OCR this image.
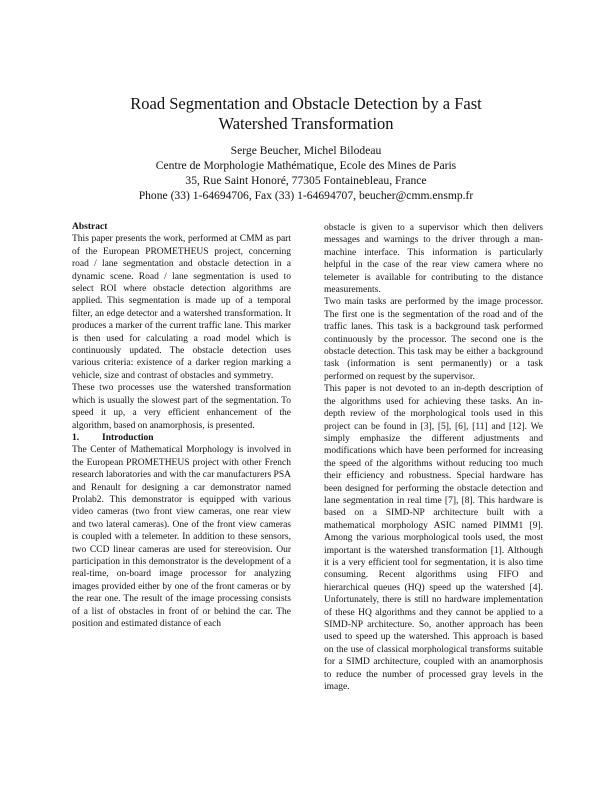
Road Segmentation and Obstacle Detection by a Fast
Watershed Transformation
Serge Beucher, Michel Bilodeau
Centre de Morphologie Mathématique, Ecole des Mines de Paris
35, Rue Saint Honoré, 77305 Fontainebleau, France
Phone (33) 1-64694706, Fax (33) 1-64694707, beucher@cmm.ensmp.fr

Abstract

This paper presents the work, performed at CMM as part of the European PROMETHEUS project, concerning road / lane segmentation and obstacle detection in a dynamic scene. Road / lane segmentation is used to select ROI where obstacle detection algorithms are applied. This segmentation is made up of a temporal filter, an edge detector and a watershed transformation. It produces a marker of the current traffic lane. This marker is then used for calculating a road model which is continuously updated. The obstacle detection uses various criteria: existence of a darker region marking a vehicle, size and contrast of obstacles and symmetry.

These two processes use the watershed transformation which is usually the slowest part of the segmentation. To speed it up, a very efficient enhancement of the algorithm, based on anamorphosis, is presented.

1. Introduction

The Center of Mathematical Morphology is involved in the European PROMETHEUS project with other French research laboratories and with the car manufacturers PSA and Renault for designing a car demonstrator named Prolab2. This demonstrator is equipped with various video cameras (two front view cameras, one rear view and two lateral cameras). One of the front view cameras is coupled with a telemeter. In addition to these sensors, two CCD linear cameras are used for stereovision. Our participation in this demonstrator is the development of a real-time, on-board image processor for analyzing images provided either by one of the front cameras or by the rear one. The result of the image processing consists of a list of obstacles in front of or behind the car. The position and estimated distance of each

obstacle is given to a supervisor which then delivers messages and warnings to the driver through a man-machine interface. This information is particularly helpful in the case of the rear view camera where no telemeter is available for contributing to the distance measurements.

Two main tasks are performed by the image processor. The first one is the segmentation of the road and of the traffic lanes. This task is a background task performed continuously by the processor. The second one is the obstacle detection. This task may be either a background task (information is sent permanently) or a task performed on request by the supervisor.

This paper is not devoted to an in-depth description of the algorithms used for achieving these tasks. An in-depth review of the morphological tools used in this project can be found in [3], [5], [6], [11] and [12]. We simply emphasize the different adjustments and modifications which have been performed for increasing the speed of the algorithms without reducing too much their efficiency and robustness. Special hardware has been designed for performing the obstacle detection and lane segmentation in real time [7], [8]. This hardware is based on a SIMD-NP architecture built with a mathematical morphology ASIC named PIMM1 [9]. Among the various morphological tools used, the most important is the watershed transformation [1]. Although it is a very efficient tool for segmentation, it is also time consuming. Recent algorithms using FIFO and hierarchical queues (HQ) speed up the watershed [4]. Unfortunately, there is still no hardware implementation of these HQ algorithms and they cannot be applied to a SIMD-NP architecture. So, another approach has been used to speed up the watershed. This approach is based on the use of classical morphological transforms suitable for a SIMD architecture, coupled with an anamorphosis to reduce the number of processed gray levels in the image.
